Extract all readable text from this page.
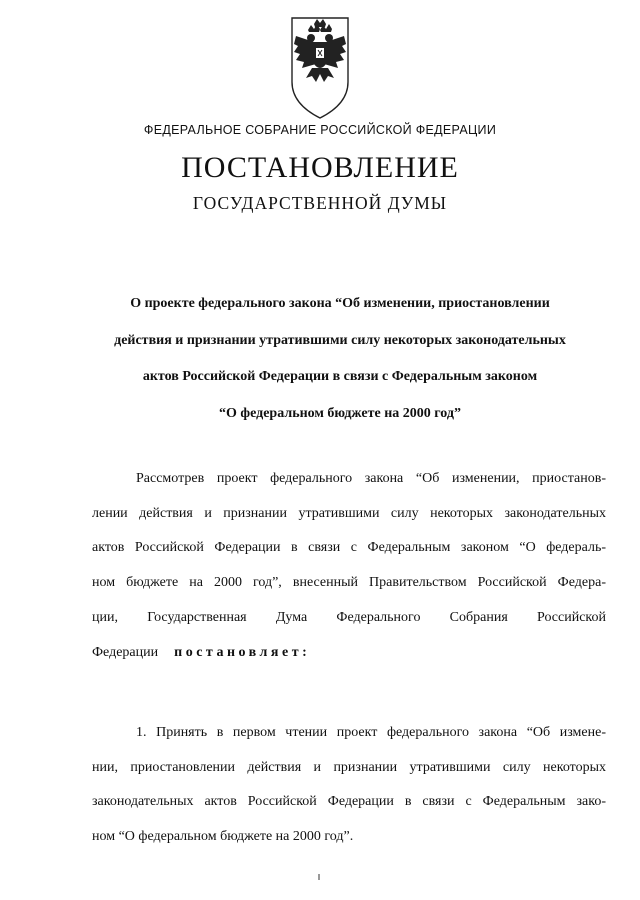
ФЕДЕРАЛЬНОЕ СОБРАНИЕ РОССИЙСКОЙ ФЕДЕРАЦИИ
ПОСТАНОВЛЕНИЕ
ГОСУДАРСТВЕННОЙ ДУМЫ
О проекте федерального закона “Об изменении, приостановлении
действия и признании утратившими силу некоторых законодательных
актов Российской Федерации в связи с Федеральным законом
“О федеральном бюджете на 2000 год”
Рассмотрев проект федерального закона “Об изменении, приостанов-
лении действия и признании утратившими силу некоторых законодательных
актов Российской Федерации в связи с Федеральным законом “О федераль-
ном бюджете на 2000 год”, внесенный Правительством Российской Федера-
ции, Государственная Дума Федерального Собрания Российской
Федерации постановляет:
1. Принять в первом чтении проект федерального закона “Об измене-
нии, приостановлении действия и признании утратившими силу некоторых
законодательных актов Российской Федерации в связи с Федеральным зако-
ном “О федеральном бюджете на 2000 год”.
